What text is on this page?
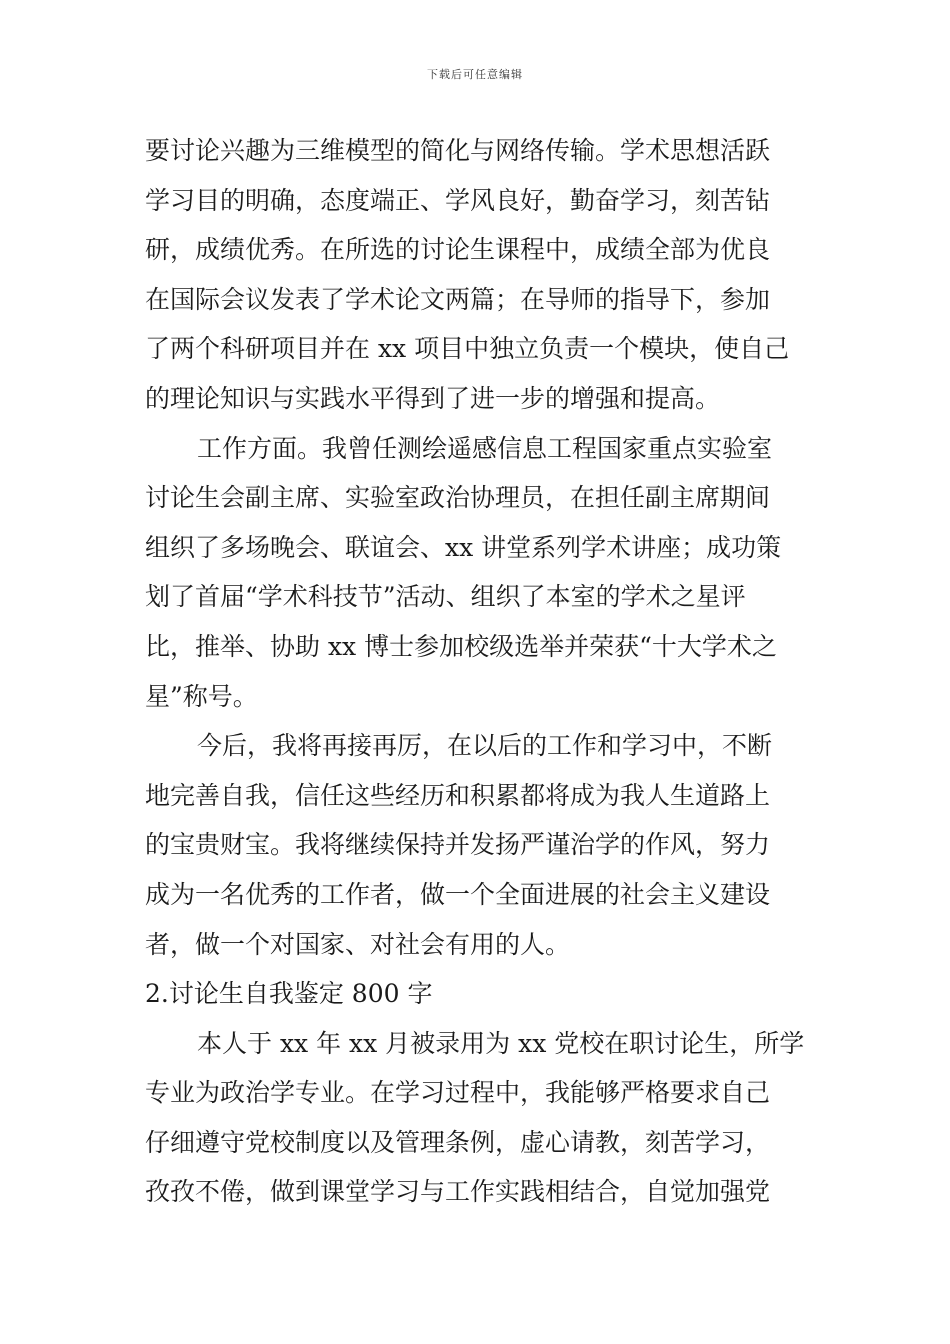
下载后可任意编辑
要讨论兴趣为三维模型的简化与网络传输。学术思想活跃
学习目的明确，态度端正、学风良好，勤奋学习，刻苦钻
研，成绩优秀。在所选的讨论生课程中，成绩全部为优良
在国际会议发表了学术论文两篇；在导师的指导下，参加
了两个科研项目并在 xx 项目中独立负责一个模块，使自己
的理论知识与实践水平得到了进一步的增强和提高。
工作方面。我曾任测绘遥感信息工程国家重点实验室
讨论生会副主席、实验室政治协理员，在担任副主席期间
组织了多场晚会、联谊会、xx 讲堂系列学术讲座；成功策
划了首届“学术科技节”活动、组织了本室的学术之星评
比，推举、协助 xx 博士参加校级选举并荣获“十大学术之
星”称号。
今后，我将再接再厉，在以后的工作和学习中，不断
地完善自我，信任这些经历和积累都将成为我人生道路上
的宝贵财宝。我将继续保持并发扬严谨治学的作风，努力
成为一名优秀的工作者，做一个全面进展的社会主义建设
者，做一个对国家、对社会有用的人。
2.讨论生自我鉴定 800 字
本人于 xx 年 xx 月被录用为 xx 党校在职讨论生，所学
专业为政治学专业。在学习过程中，我能够严格要求自己
仔细遵守党校制度以及管理条例，虚心请教，刻苦学习，
孜孜不倦，做到课堂学习与工作实践相结合，自觉加强党
